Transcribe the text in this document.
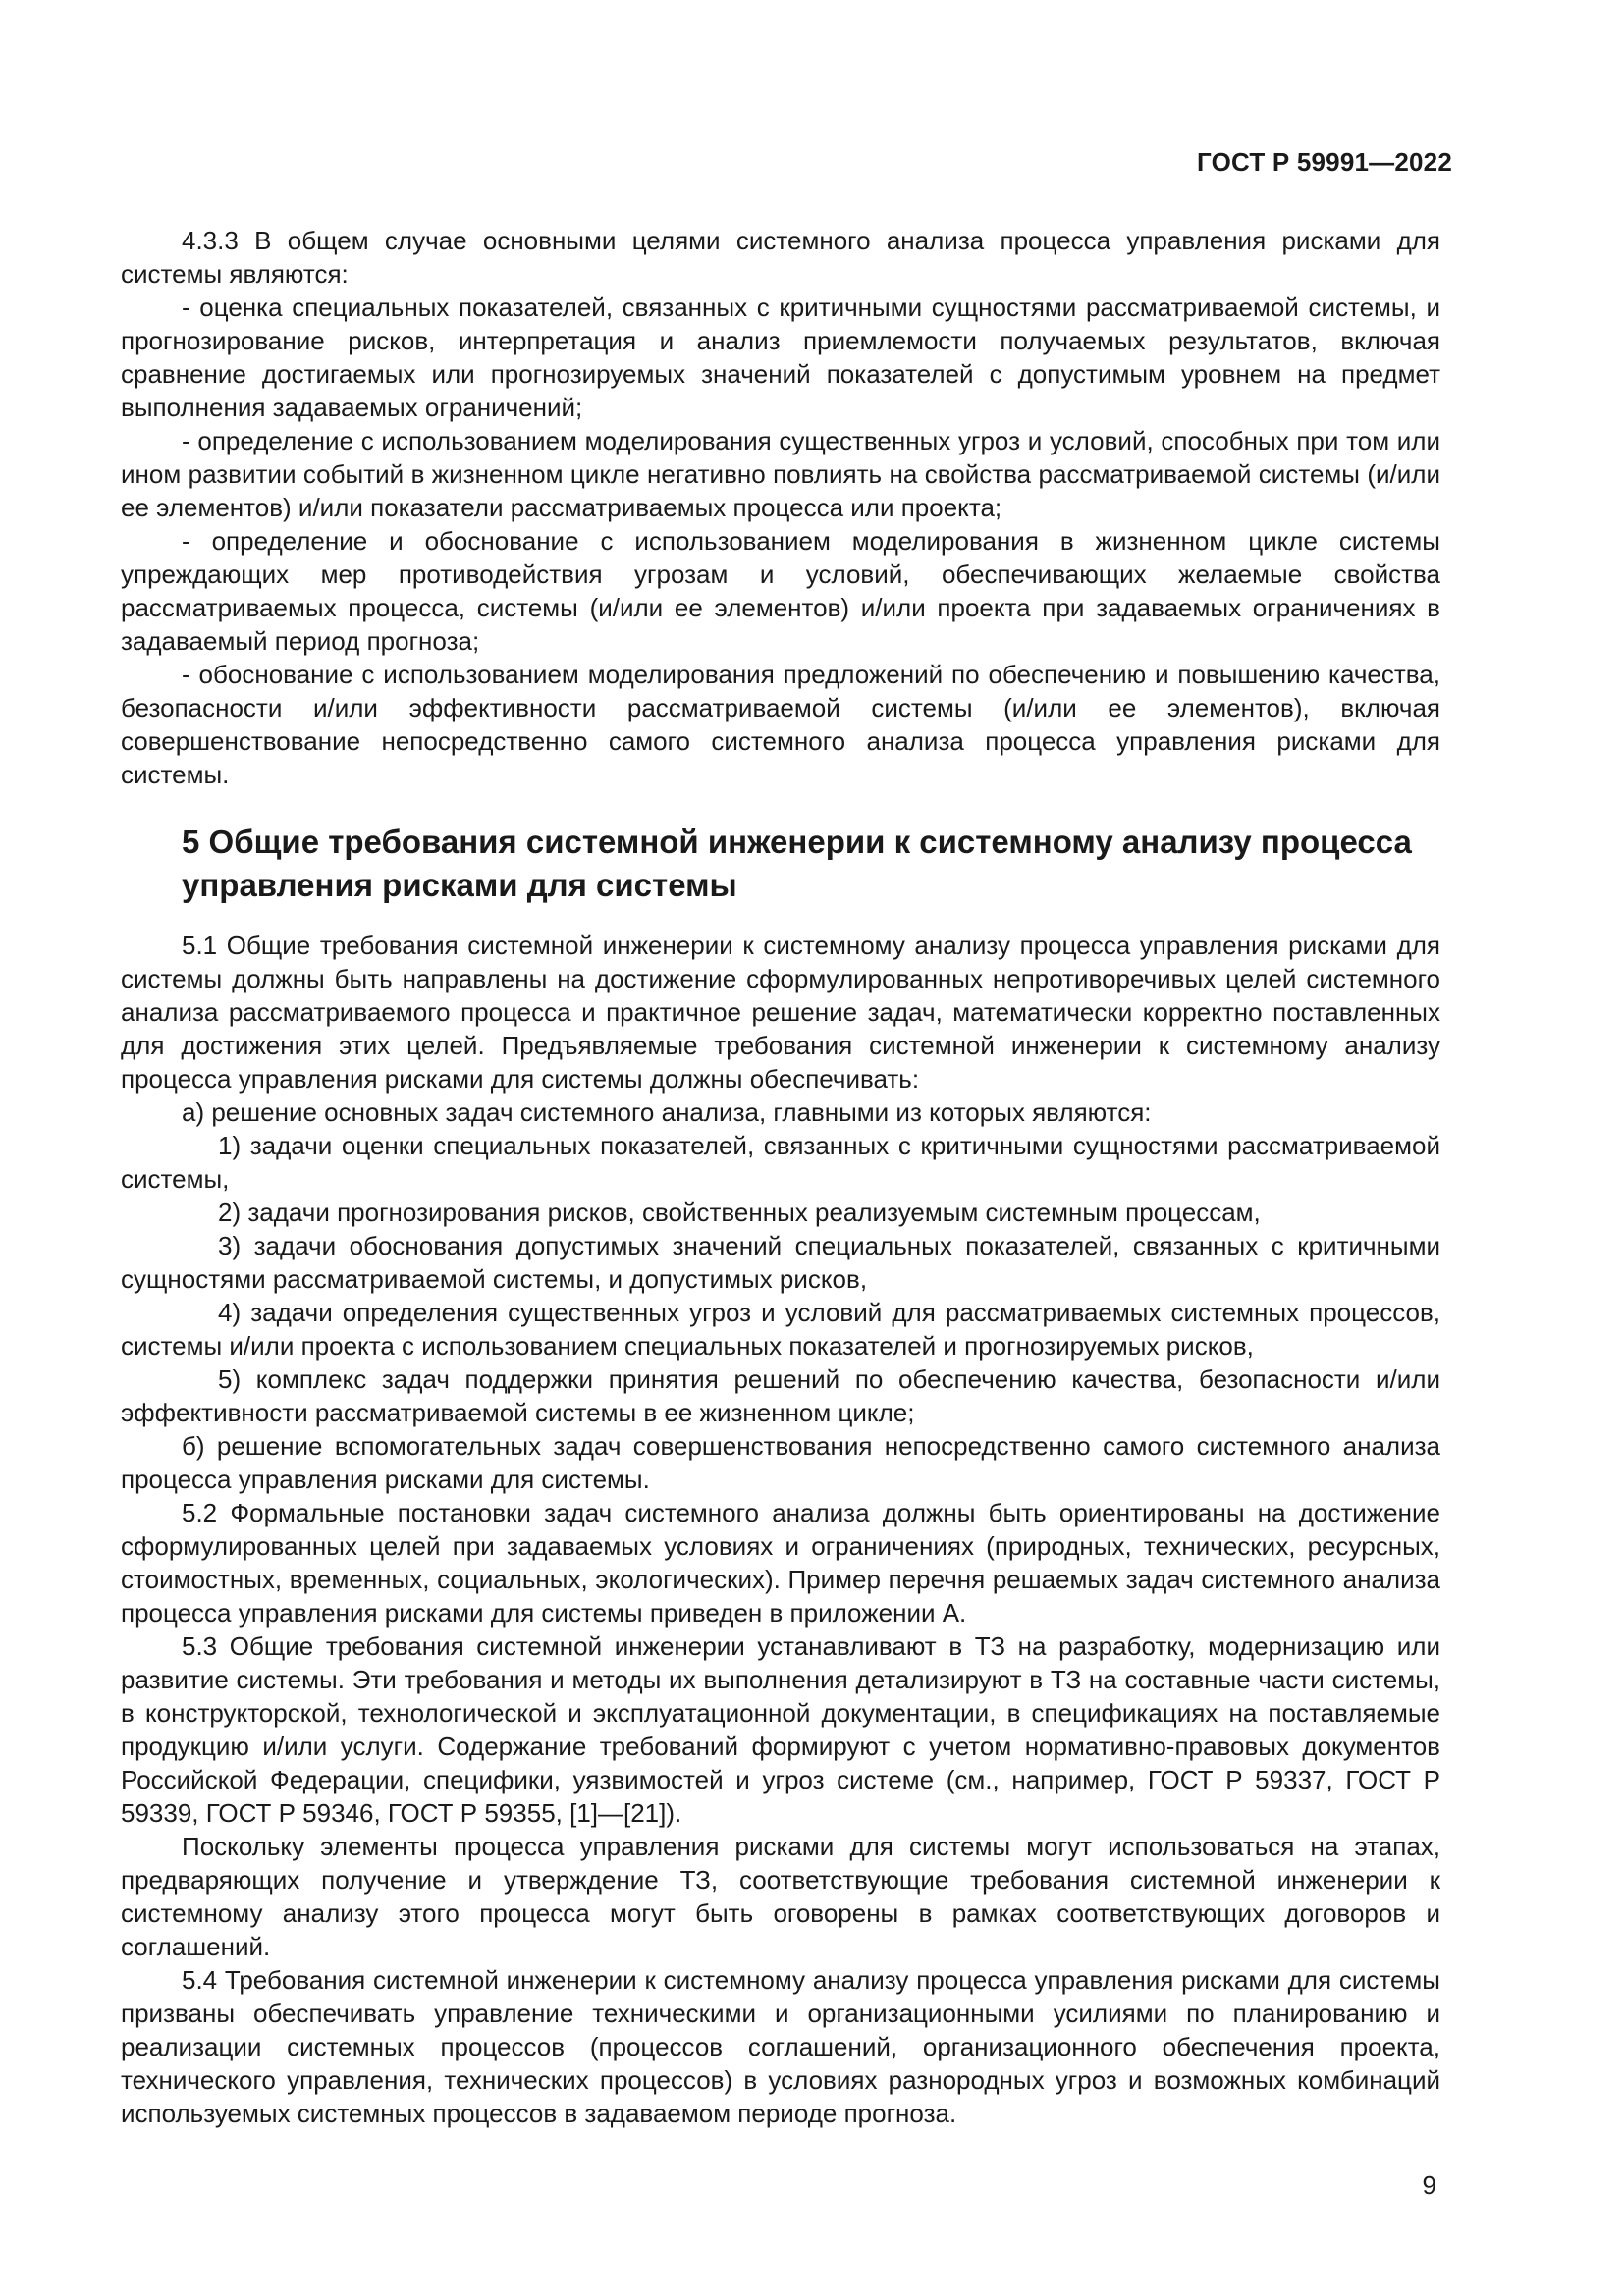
ГОСТ Р 59991—2022

4.3.3 В общем случае основными целями системного анализа процесса управления рисками для системы являются:

- оценка специальных показателей, связанных с критичными сущностями рассматриваемой системы, и прогнозирование рисков, интерпретация и анализ приемлемости получаемых результатов, включая сравнение достигаемых или прогнозируемых значений показателей с допустимым уровнем на предмет выполнения задаваемых ограничений;

- определение с использованием моделирования существенных угроз и условий, способных при том или ином развитии событий в жизненном цикле негативно повлиять на свойства рассматриваемой системы (и/или ее элементов) и/или показатели рассматриваемых процесса или проекта;

- определение и обоснование с использованием моделирования в жизненном цикле системы упреждающих мер противодействия угрозам и условий, обеспечивающих желаемые свойства рассматриваемых процесса, системы (и/или ее элементов) и/или проекта при задаваемых ограничениях в задаваемый период прогноза;

- обоснование с использованием моделирования предложений по обеспечению и повышению качества, безопасности и/или эффективности рассматриваемой системы (и/или ее элементов), включая совершенствование непосредственно самого системного анализа процесса управления рисками для системы.

5 Общие требования системной инженерии к системному анализу процесса управления рисками для системы

5.1 Общие требования системной инженерии к системному анализу процесса управления рисками для системы должны быть направлены на достижение сформулированных непротиворечивых целей системного анализа рассматриваемого процесса и практичное решение задач, математически корректно поставленных для достижения этих целей. Предъявляемые требования системной инженерии к системному анализу процесса управления рисками для системы должны обеспечивать:

а) решение основных задач системного анализа, главными из которых являются:

1) задачи оценки специальных показателей, связанных с критичными сущностями рассматриваемой системы,

2) задачи прогнозирования рисков, свойственных реализуемым системным процессам,

3) задачи обоснования допустимых значений специальных показателей, связанных с критичными сущностями рассматриваемой системы, и допустимых рисков,

4) задачи определения существенных угроз и условий для рассматриваемых системных процессов, системы и/или проекта с использованием специальных показателей и прогнозируемых рисков,

5) комплекс задач поддержки принятия решений по обеспечению качества, безопасности и/или эффективности рассматриваемой системы в ее жизненном цикле;

б) решение вспомогательных задач совершенствования непосредственно самого системного анализа процесса управления рисками для системы.

5.2 Формальные постановки задач системного анализа должны быть ориентированы на достижение сформулированных целей при задаваемых условиях и ограничениях (природных, технических, ресурсных, стоимостных, временных, социальных, экологических). Пример перечня решаемых задач системного анализа процесса управления рисками для системы приведен в приложении А.

5.3 Общие требования системной инженерии устанавливают в ТЗ на разработку, модернизацию или развитие системы. Эти требования и методы их выполнения детализируют в ТЗ на составные части системы, в конструкторской, технологической и эксплуатационной документации, в спецификациях на поставляемые продукцию и/или услуги. Содержание требований формируют с учетом нормативно-правовых документов Российской Федерации, специфики, уязвимостей и угроз системе (см., например, ГОСТ Р 59337, ГОСТ Р 59339, ГОСТ Р 59346, ГОСТ Р 59355, [1]—[21]).

Поскольку элементы процесса управления рисками для системы могут использоваться на этапах, предваряющих получение и утверждение ТЗ, соответствующие требования системной инженерии к системному анализу этого процесса могут быть оговорены в рамках соответствующих договоров и соглашений.

5.4 Требования системной инженерии к системному анализу процесса управления рисками для системы призваны обеспечивать управление техническими и организационными усилиями по планированию и реализации системных процессов (процессов соглашений, организационного обеспечения проекта, технического управления, технических процессов) в условиях разнородных угроз и возможных комбинаций используемых системных процессов в задаваемом периоде прогноза.

9
